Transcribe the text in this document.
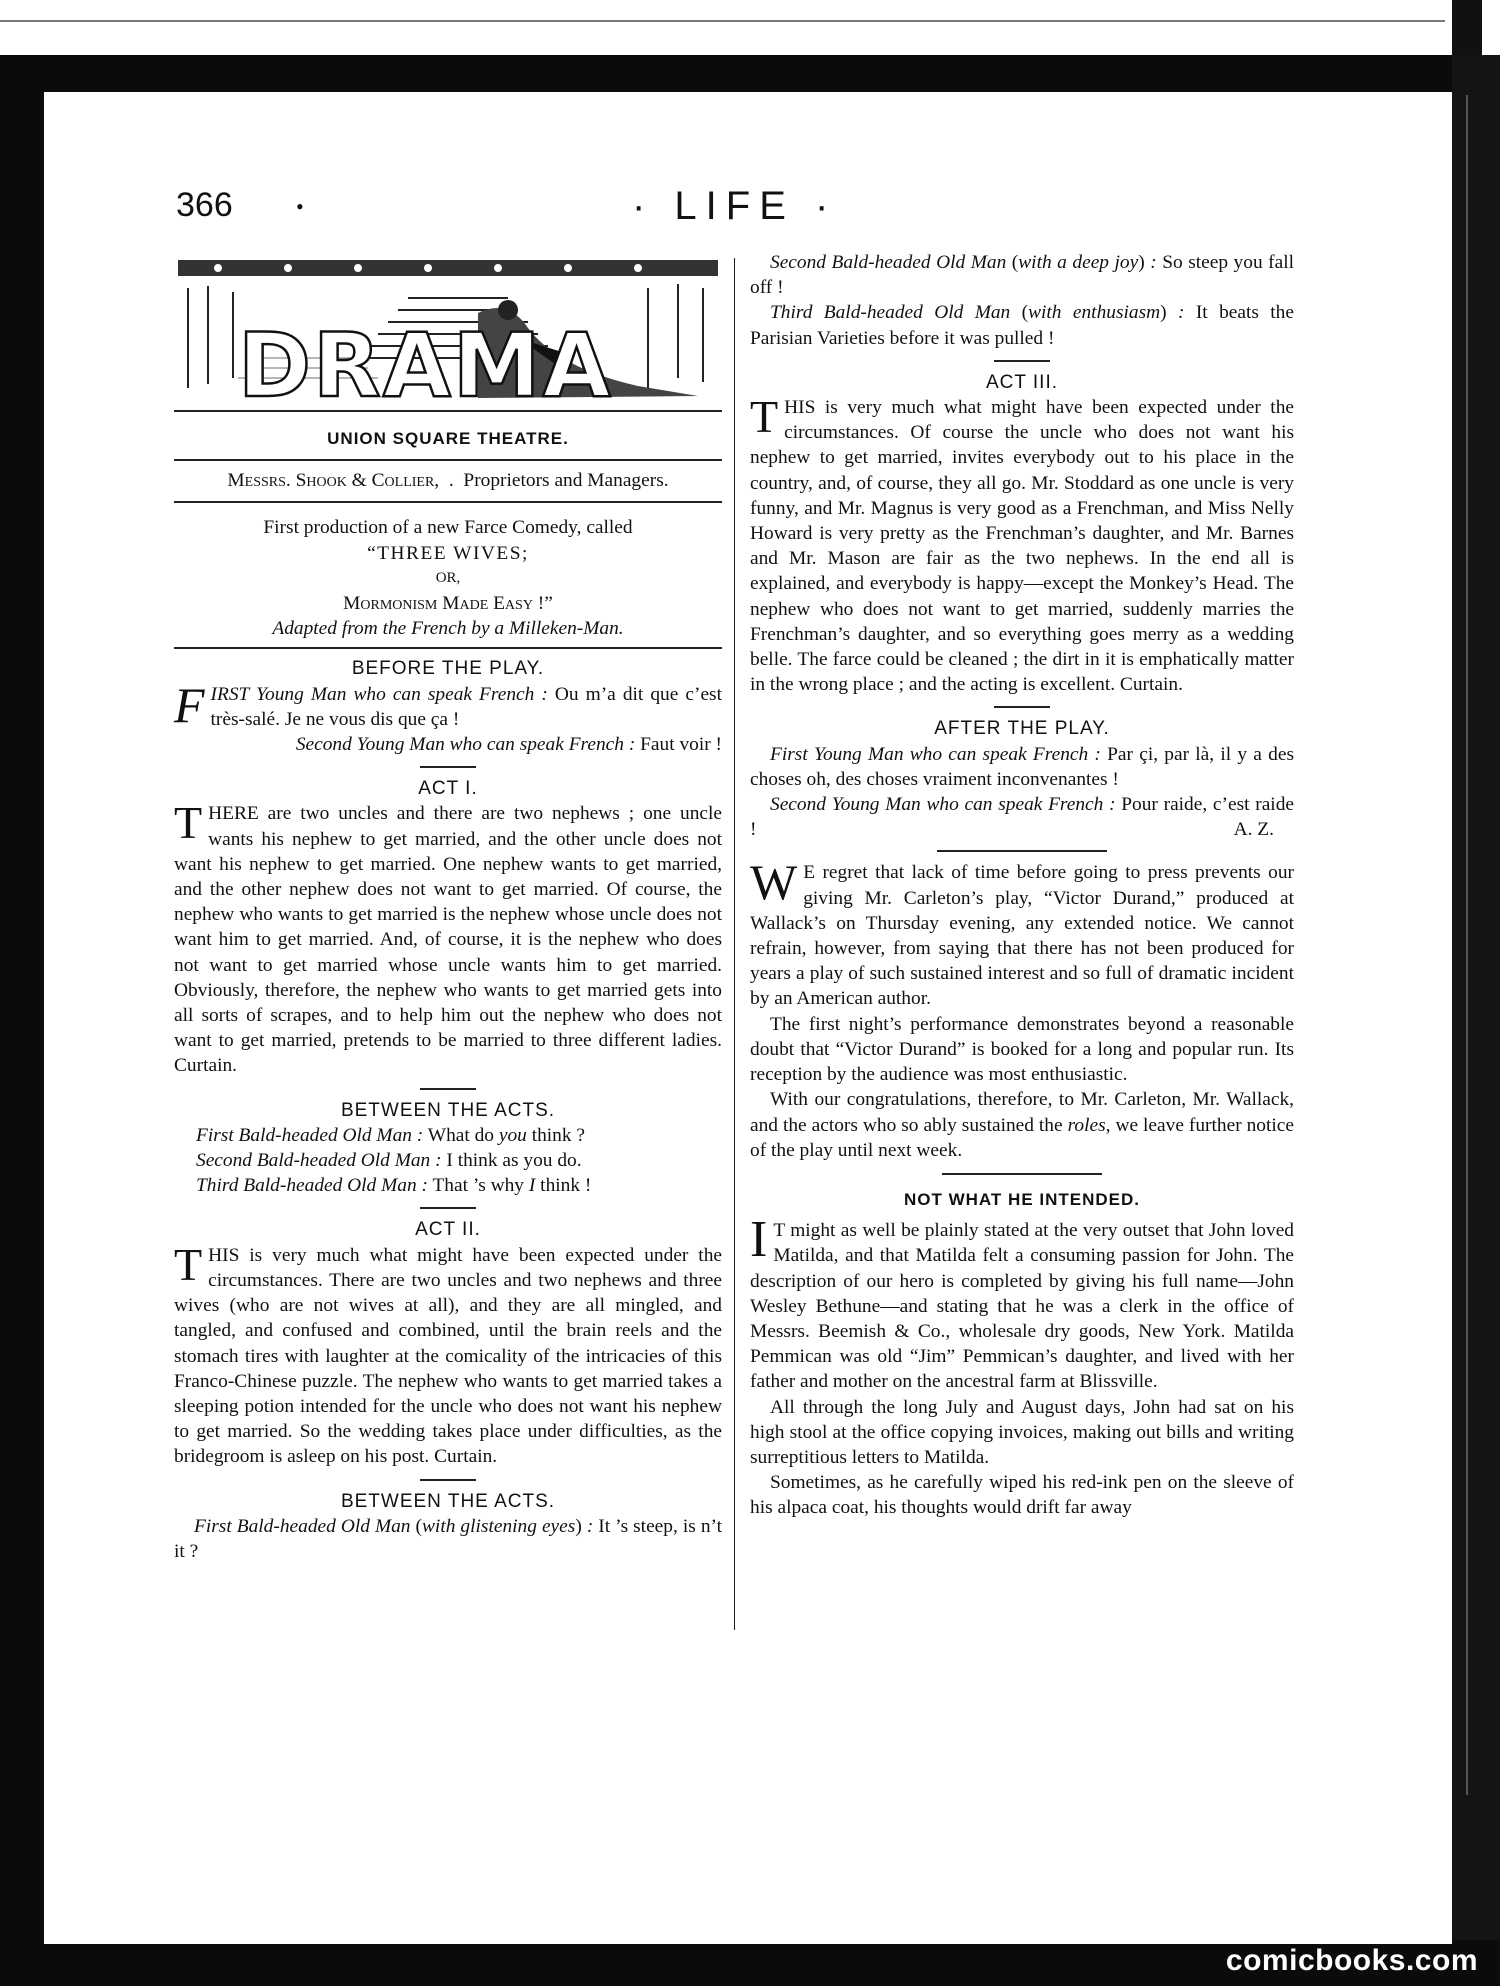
comicbooks.com
366	•	· LIFE ·
DRAMA
UNION SQUARE THEATRE.
Messrs. Shook & Collier, . Proprietors and Managers.
First production of a new Farce Comedy, called
“THREE WIVES;
OR,
Mormonism Made Easy !”
Adapted from the French by a Milleken-Man.
BEFORE THE PLAY.

FIRST Young Man who can speak French : Ou m’a dit que c’est très-salé. Je ne vous dis que ça !

Second Young Man who can speak French : Faut voir !

ACT I.

THERE are two uncles and there are two nephews ; one uncle wants his nephew to get married, and the other uncle does not want his nephew to get married. One nephew wants to get married, and the other nephew does not want to get married. Of course, the nephew who wants to get married is the nephew whose uncle does not want him to get married. And, of course, it is the nephew who does not want to get married whose uncle wants him to get married. Obviously, therefore, the nephew who wants to get married gets into all sorts of scrapes, and to help him out the nephew who does not want to get married, pretends to be married to three different ladies. Curtain.

BETWEEN THE ACTS.
First Bald-headed Old Man : What do you think ?
Second Bald-headed Old Man : I think as you do.
Third Bald-headed Old Man : That ’s why I think !
ACT II.

THIS is very much what might have been expected under the circumstances. There are two uncles and two nephews and three wives (who are not wives at all), and they are all mingled, and tangled, and confused and combined, until the brain reels and the stomach tires with laughter at the comicality of the intricacies of this Franco-Chinese puzzle. The nephew who wants to get married takes a sleeping potion intended for the uncle who does not want his nephew to get married. So the wedding takes place under difficulties, as the bridegroom is asleep on his post. Curtain.

BETWEEN THE ACTS.

First Bald-headed Old Man (with glistening eyes) : It ’s steep, is n’t it ?

Second Bald-headed Old Man (with a deep joy) : So steep you fall off !

Third Bald-headed Old Man (with enthusiasm) : It beats the Parisian Varieties before it was pulled !

ACT III.

THIS is very much what might have been expected under the circumstances. Of course the uncle who does not want his nephew to get married, invites everybody out to his place in the country, and, of course, they all go. Mr. Stoddard as one uncle is very funny, and Mr. Magnus is very good as a Frenchman, and Miss Nelly Howard is very pretty as the Frenchman’s daughter, and Mr. Barnes and Mr. Mason are fair as the two nephews. In the end all is explained, and everybody is happy—except the Monkey’s Head. The nephew who does not want to get married, suddenly marries the Frenchman’s daughter, and so everything goes merry as a wedding belle. The farce could be cleaned ; the dirt in it is emphatically matter in the wrong place ; and the acting is excellent. Curtain.

AFTER THE PLAY.

First Young Man who can speak French : Par çi, par là, il y a des choses oh, des choses vraiment inconvenantes !

Second Young Man who can speak French : Pour raide, c’est raide !	A. Z.

W E regret that lack of time before going to press prevents our giving Mr. Carleton’s play, “Victor Durand,” produced at Wallack’s on Thursday evening, any extended notice. We cannot refrain, however, from saying that there has not been produced for years a play of such sustained interest and so full of dramatic incident by an American author.

The first night’s performance demonstrates beyond a reasonable doubt that “Victor Durand” is booked for a long and popular run. Its reception by the audience was most enthusiastic.

With our congratulations, therefore, to Mr. Carleton, Mr. Wallack, and the actors who so ably sustained the roles, we leave further notice of the play until next week.

NOT WHAT HE INTENDED.

I T might as well be plainly stated at the very outset that John loved Matilda, and that Matilda felt a consuming passion for John. The description of our hero is completed by giving his full name—John Wesley Bethune—and stating that he was a clerk in the office of Messrs. Beemish & Co., wholesale dry goods, New York. Matilda Pemmican was old “Jim” Pemmican’s daughter, and lived with her father and mother on the ancestral farm at Blissville.

All through the long July and August days, John had sat on his high stool at the office copying invoices, making out bills and writing surreptitious letters to Matilda.

Sometimes, as he carefully wiped his red-ink pen on the sleeve of his alpaca coat, his thoughts would drift far away
